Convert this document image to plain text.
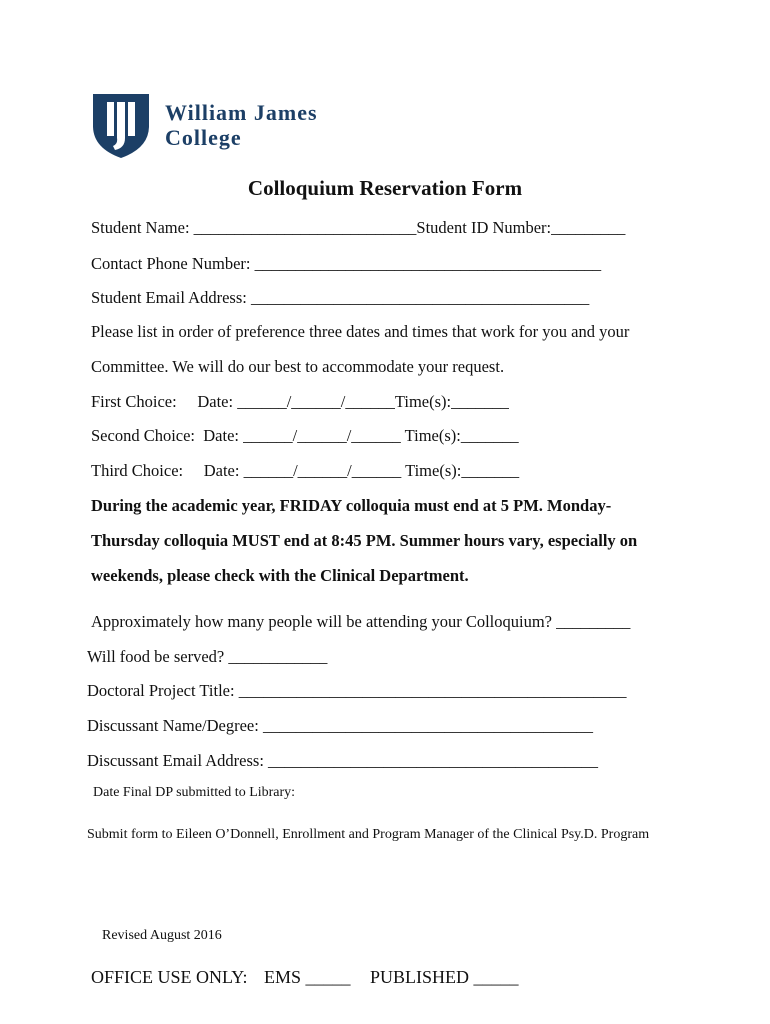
William James
College
Colloquium Reservation Form
Student Name: ___________________________Student ID Number:_________
Contact Phone Number: __________________________________________
Student Email Address: _________________________________________
Please list in order of preference three dates and times that work for you and your
Committee. We will do our best to accommodate your request.
First Choice:     Date: ______/______/______Time(s):_______
Second Choice:  Date: ______/______/______ Time(s):_______
Third Choice:     Date: ______/______/______ Time(s):_______
During the academic year, FRIDAY colloquia must end at 5 PM. Monday-
Thursday colloquia MUST end at 8:45 PM. Summer hours vary, especially on
weekends, please check with the Clinical Department.
Approximately how many people will be attending your Colloquium? _________
Will food be served? ____________
Doctoral Project Title: _______________________________________________
Discussant Name/Degree: ________________________________________
Discussant Email Address: ________________________________________
Date Final DP submitted to Library:
Submit form to Eileen O’Donnell, Enrollment and Program Manager of the Clinical Psy.D. Program
Revised August 2016
OFFICE USE ONLY: EMS _____ PUBLISHED _____
